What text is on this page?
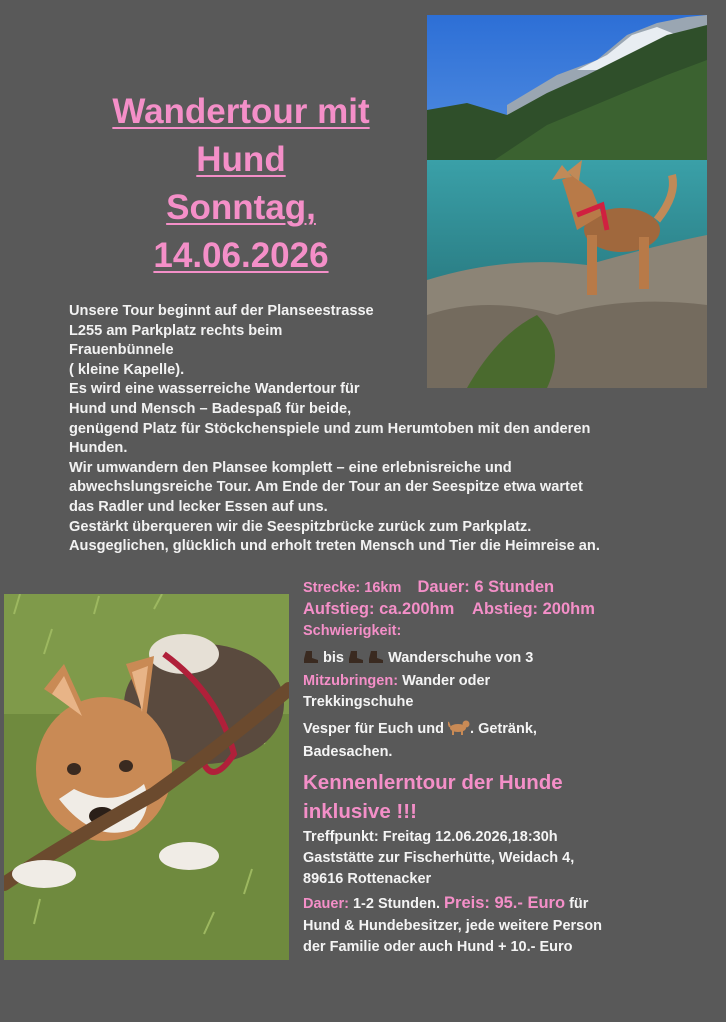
Wandertour mit
Hund
Sonntag,
14.06.2026
Unsere Tour beginnt auf der Planseestrasse
L255 am Parkplatz rechts beim
Frauenbünnele
( kleine Kapelle).
Es wird eine wasserreiche Wandertour für
Hund und Mensch – Badespaß für beide,
genügend Platz für Stöckchenspiele und zum Herumtoben mit den anderen
Hunden.
Wir umwandern den Plansee komplett – eine erlebnisreiche und
abwechslungsreiche Tour. Am Ende der Tour an der Seespitze etwa wartet
das Radler und lecker Essen auf uns.
Gestärkt überqueren wir die Seespitzbrücke zurück zum Parkplatz.
Ausgeglichen, glücklich und erholt treten Mensch und Tier die Heimreise an.
Strecke: 16km Dauer: 6 Stunden
Aufstieg: ca.200hm Abstieg: 200hm
Schwierigkeit:
bis	Wanderschuhe von 3
Mitzubringen: Wander oder
Trekkingschuhe
Vesper für Euch und . Getränk,
Badesachen.
Kennenlerntour der Hunde
inklusive !!!
Treffpunkt: Freitag 12.06.2026,18:30h
Gaststätte zur Fischerhütte, Weidach 4,
89616 Rottenacker
Dauer: 1-2 Stunden. Preis: 95.- Euro für
Hund & Hundebesitzer, jede weitere Person
der Familie oder auch Hund + 10.- Euro
